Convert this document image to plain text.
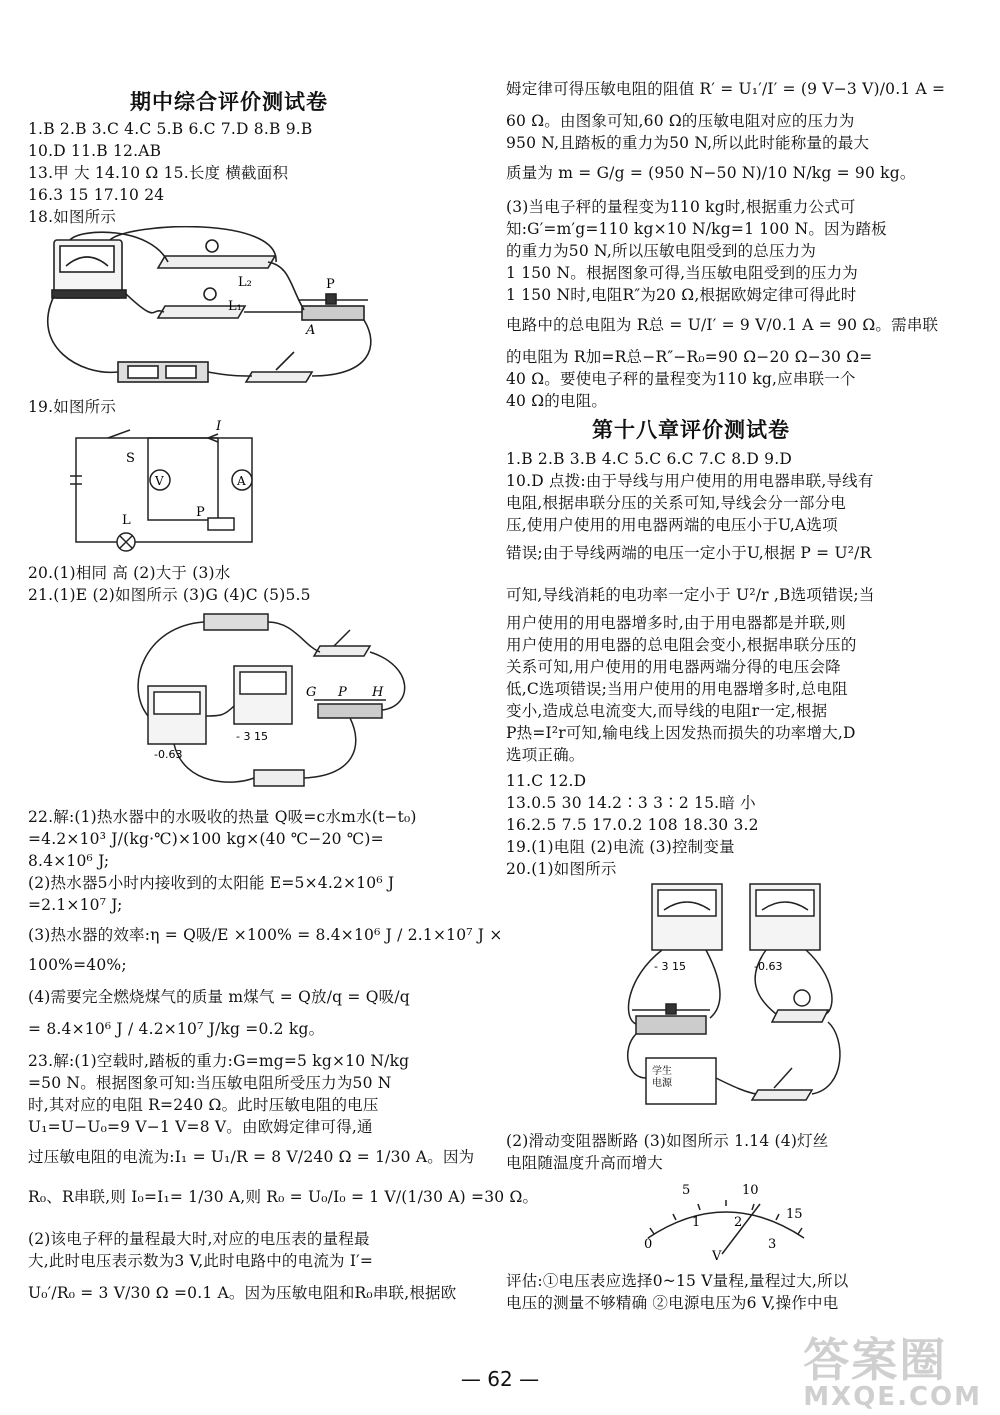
期中综合评价测试卷
1.B 2.B 3.C 4.C 5.B 6.C 7.D 8.B 9.B
10.D 11.B 12.AB
13.甲 大 14.10 Ω 15.长度 横截面积
16.3 15 17.10 24
18.如图所示
L₂
L₁
P
A
19.如图所示
I
S
V	A
L
P
20.(1)相同 高 (2)大于 (3)水
21.(1)E (2)如图所示 (3)G (4)C (5)5.5
G P H
- 3 15
-0.63
22.解:(1)热水器中的水吸收的热量 Q吸=c水m水(t−t₀)
=4.2×10³ J/(kg·℃)×100 kg×(40 ℃−20 ℃)=
8.4×10⁶ J;
(2)热水器5小时内接收到的太阳能 E=5×4.2×10⁶ J
=2.1×10⁷ J;
(3)热水器的效率:η = Q吸/E ×100% = 8.4×10⁶ J / 2.1×10⁷ J ×
100%=40%;
(4)需要完全燃烧煤气的质量 m煤气 = Q放/q = Q吸/q
= 8.4×10⁶ J / 4.2×10⁷ J/kg =0.2 kg。
23.解:(1)空载时,踏板的重力:G=mg=5 kg×10 N/kg
=50 N。根据图象可知:当压敏电阻所受压力为50 N
时,其对应的电阻 R=240 Ω。此时压敏电阻的电压
U₁=U−U₀=9 V−1 V=8 V。由欧姆定律可得,通
过压敏电阻的电流为:I₁ = U₁/R = 8 V/240 Ω = 1/30 A。因为
R₀、R串联,则 I₀=I₁= 1/30 A,则 R₀ = U₀/I₀ = 1 V/(1/30 A) =30 Ω。
(2)该电子秤的量程最大时,对应的电压表的量程最
大,此时电压表示数为3 V,此时电路中的电流为 I′=
U₀′/R₀ = 3 V/30 Ω =0.1 A。因为压敏电阻和R₀串联,根据欧
姆定律可得压敏电阻的阻值 R′ = U₁′/I′ = (9 V−3 V)/0.1 A =
60 Ω。由图象可知,60 Ω的压敏电阻对应的压力为
950 N,且踏板的重力为50 N,所以此时能称量的最大
质量为 m = G/g = (950 N−50 N)/10 N/kg = 90 kg。
(3)当电子秤的量程变为110 kg时,根据重力公式可
知:G′=m′g=110 kg×10 N/kg=1 100 N。因为踏板
的重力为50 N,所以压敏电阻受到的总压力为
1 150 N。根据图象可得,当压敏电阻受到的压力为
1 150 N时,电阻R″为20 Ω,根据欧姆定律可得此时
电路中的总电阻为 R总 = U/I′ = 9 V/0.1 A = 90 Ω。需串联
的电阻为 R加=R总−R″−R₀=90 Ω−20 Ω−30 Ω=
40 Ω。要使电子秤的量程变为110 kg,应串联一个
40 Ω的电阻。
第十八章评价测试卷
1.B 2.B 3.B 4.C 5.C 6.C 7.C 8.D 9.D
10.D 点拨:由于导线与用户使用的用电器串联,导线有
电阻,根据串联分压的关系可知,导线会分一部分电
压,使用户使用的用电器两端的电压小于U,A选项
错误;由于导线两端的电压一定小于U,根据 P = U²/R
可知,导线消耗的电功率一定小于 U²/r ,B选项错误;当
用户使用的用电器增多时,由于用电器都是并联,则
用户使用的用电器的总电阻会变小,根据串联分压的
关系可知,用户使用的用电器两端分得的电压会降
低,C选项错误;当用户使用的用电器增多时,总电阻
变小,造成总电流变大,而导线的电阻r一定,根据
P热=I²r可知,输电线上因发热而损失的功率增大,D
选项正确。
11.C 12.D
13.0.5 30 14.2∶3 3∶2 15.暗 小
16.2.5 7.5 17.0.2 108 18.30 3.2
19.(1)电阻 (2)电流 (3)控制变量
20.(1)如图所示
- 3 15	-0.63
学生
电源
(2)滑动变阻器断路 (3)如图所示 1.14 (4)灯丝
电阻随温度升高而增大
5	10
0
1	2
15
3
V
评估:①电压表应选择0~15 V量程,量程过大,所以
电压的测量不够精确 ②电源电压为6 V,操作中电
— 62 —	答案圈
MXQE.COM
